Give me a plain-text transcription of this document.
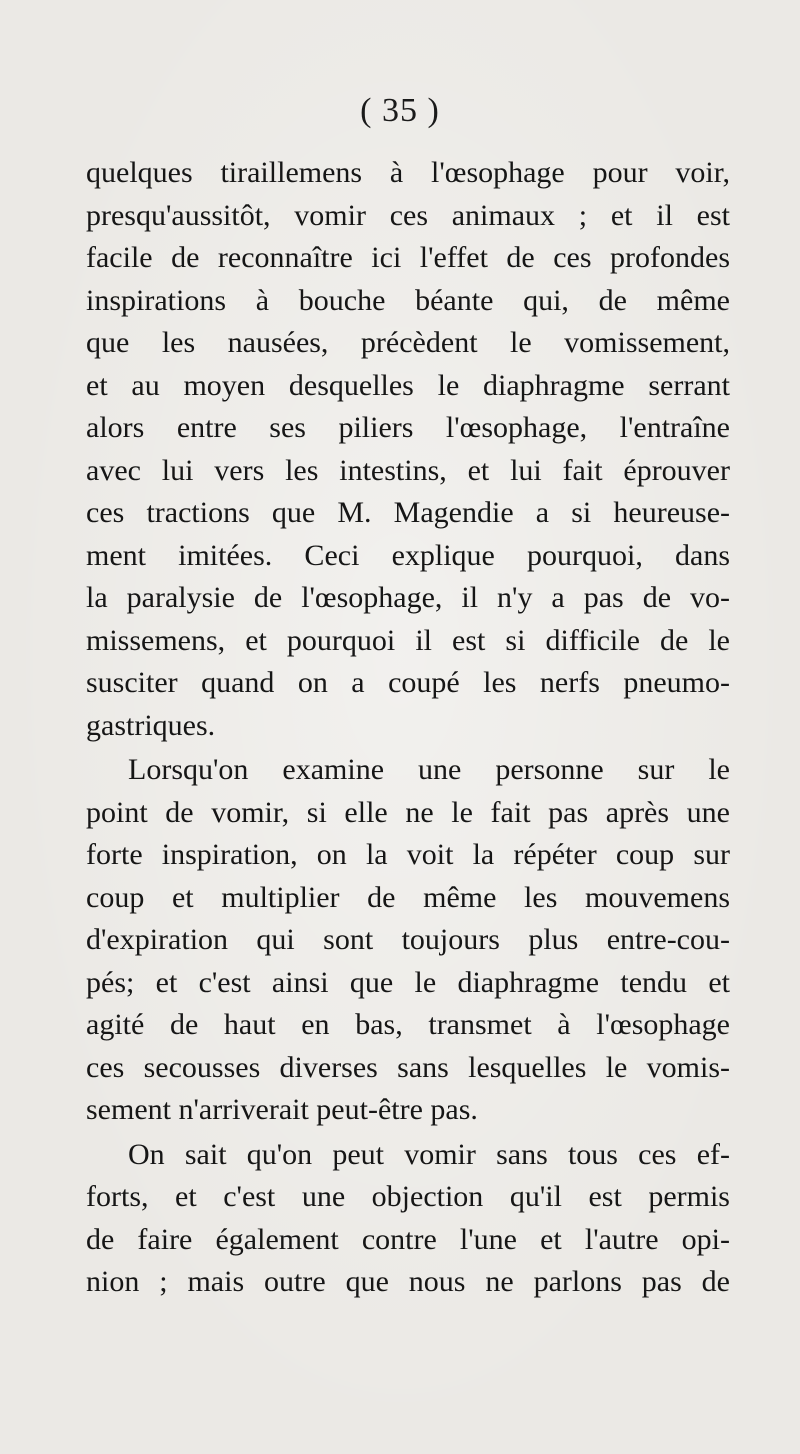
( 35 )
quelques tiraillemens à l'œsophage pour voir,
presqu'aussitôt, vomir ces animaux ; et il est
facile de reconnaître ici l'effet de ces profondes
inspirations à bouche béante qui, de même
que les nausées, précèdent le vomissement,
et au moyen desquelles le diaphragme serrant
alors entre ses piliers l'œsophage, l'entraîne
avec lui vers les intestins, et lui fait éprouver
ces tractions que M. Magendie a si heureuse-
ment imitées. Ceci explique pourquoi, dans
la paralysie de l'œsophage, il n'y a pas de vo-
missemens, et pourquoi il est si difficile de le
susciter quand on a coupé les nerfs pneumo-
gastriques.
Lorsqu'on examine une personne sur le
point de vomir, si elle ne le fait pas après une
forte inspiration, on la voit la répéter coup sur
coup et multiplier de même les mouvemens
d'expiration qui sont toujours plus entre-cou-
pés; et c'est ainsi que le diaphragme tendu et
agité de haut en bas, transmet à l'œsophage
ces secousses diverses sans lesquelles le vomis-
sement n'arriverait peut-être pas.
On sait qu'on peut vomir sans tous ces ef-
forts, et c'est une objection qu'il est permis
de faire également contre l'une et l'autre opi-
nion ; mais outre que nous ne parlons pas de
